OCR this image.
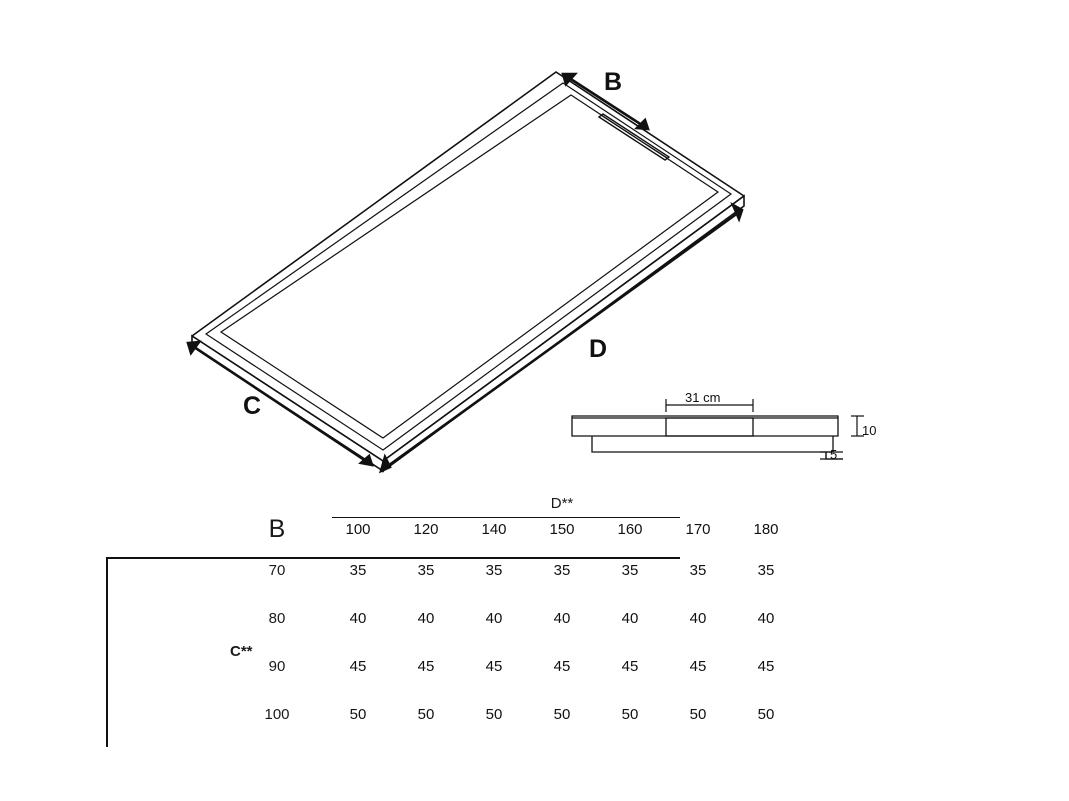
B
D
C	31 cm
10
5
C**
	D**						
B	100	120	140	150	160	170	180
70	35	35	35	35	35	35	35
80	40	40	40	40	40	40	40
90	45	45	45	45	45	45	45
100	50	50	50	50	50	50	50
